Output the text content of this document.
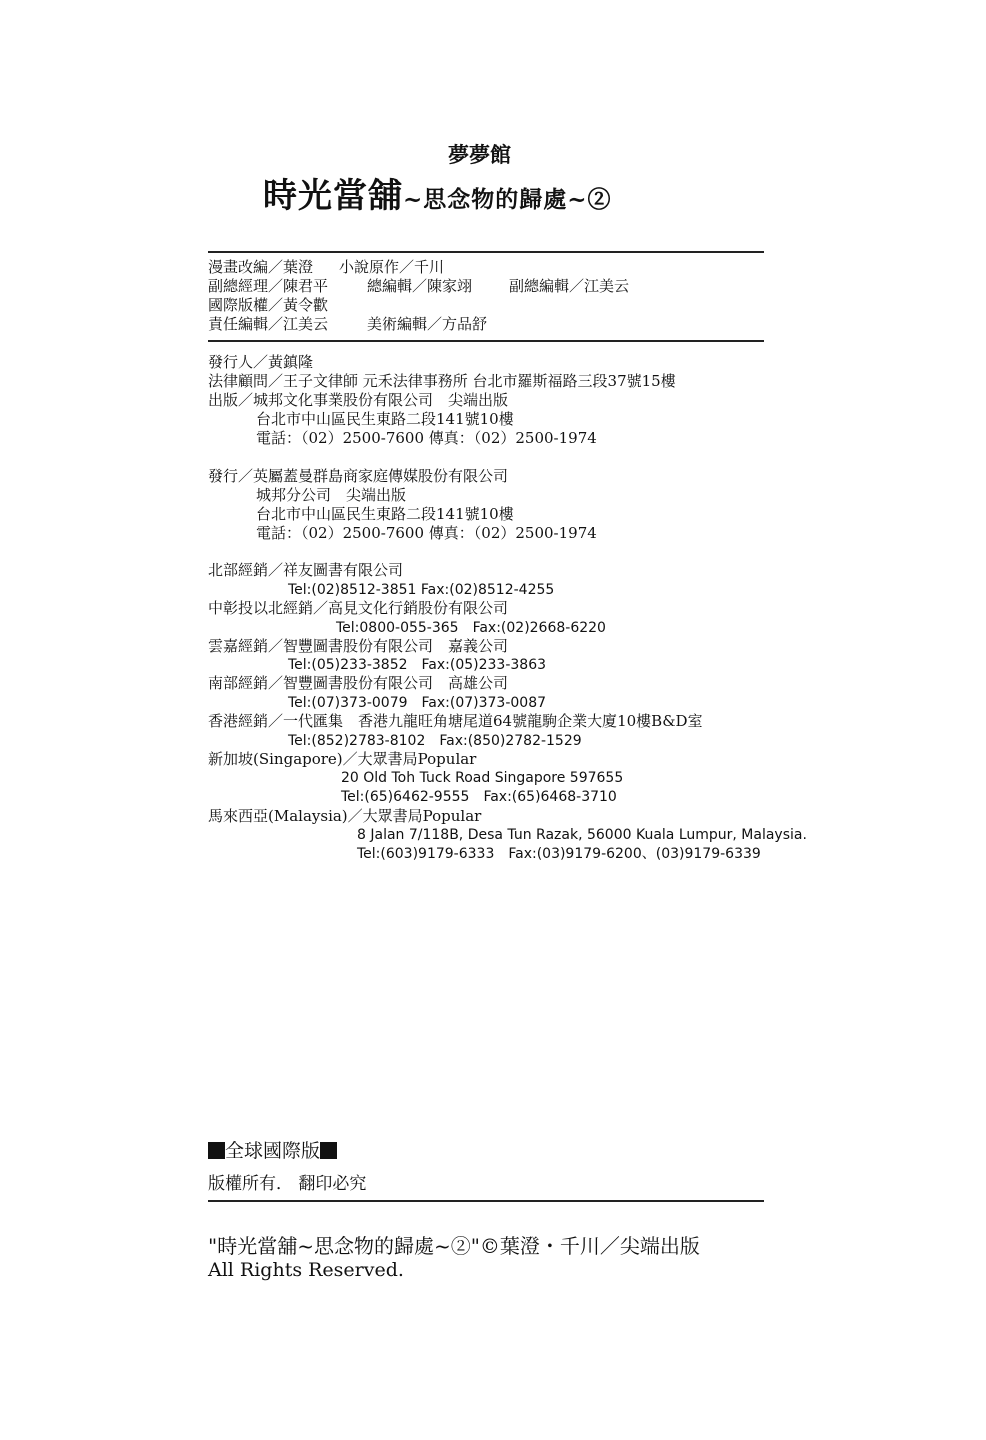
夢夢館
時光當舖~思念物的歸處~②
漫畫改編／葉澄 小說原作／千川
副總經理／陳君平	總編輯／陳家翊 副總編輯／江美云
國際版權／黃令歡
責任編輯／江美云	美術編輯／方品舒
發行人／黃鎮隆
法律顧問／王子文律師 元禾法律事務所 台北市羅斯福路三段37號15樓
出版／城邦文化事業股份有限公司　尖端出版
台北市中山區民生東路二段141號10樓
電話：（02）2500-7600 傳真：（02）2500-1974
發行／英屬蓋曼群島商家庭傳媒股份有限公司
城邦分公司　尖端出版
台北市中山區民生東路二段141號10樓
電話：（02）2500-7600 傳真：（02）2500-1974
北部經銷／祥友圖書有限公司
Tel:(02)8512-3851 Fax:(02)8512-4255
中彰投以北經銷／高見文化行銷股份有限公司
Tel:0800-055-365　Fax:(02)2668-6220
雲嘉經銷／智豐圖書股份有限公司　嘉義公司
Tel:(05)233-3852　Fax:(05)233-3863
南部經銷／智豐圖書股份有限公司　高雄公司
Tel:(07)373-0079　Fax:(07)373-0087
香港經銷／一代匯集　香港九龍旺角塘尾道64號龍駒企業大廈10樓B&D室
Tel:(852)2783-8102　Fax:(850)2782-1529
新加坡(Singapore)／大眾書局Popular
20 Old Toh Tuck Road Singapore 597655
Tel:(65)6462-9555　Fax:(65)6468-3710
馬來西亞(Malaysia)／大眾書局Popular
8 Jalan 7/118B, Desa Tun Razak, 56000 Kuala Lumpur, Malaysia.
Tel:(603)9179-6333　Fax:(03)9179-6200、(03)9179-6339
全球國際版
版權所有． 翻印必究
"時光當舖~思念物的歸處~②"©葉澄・千川／尖端出版
All Rights Reserved.
